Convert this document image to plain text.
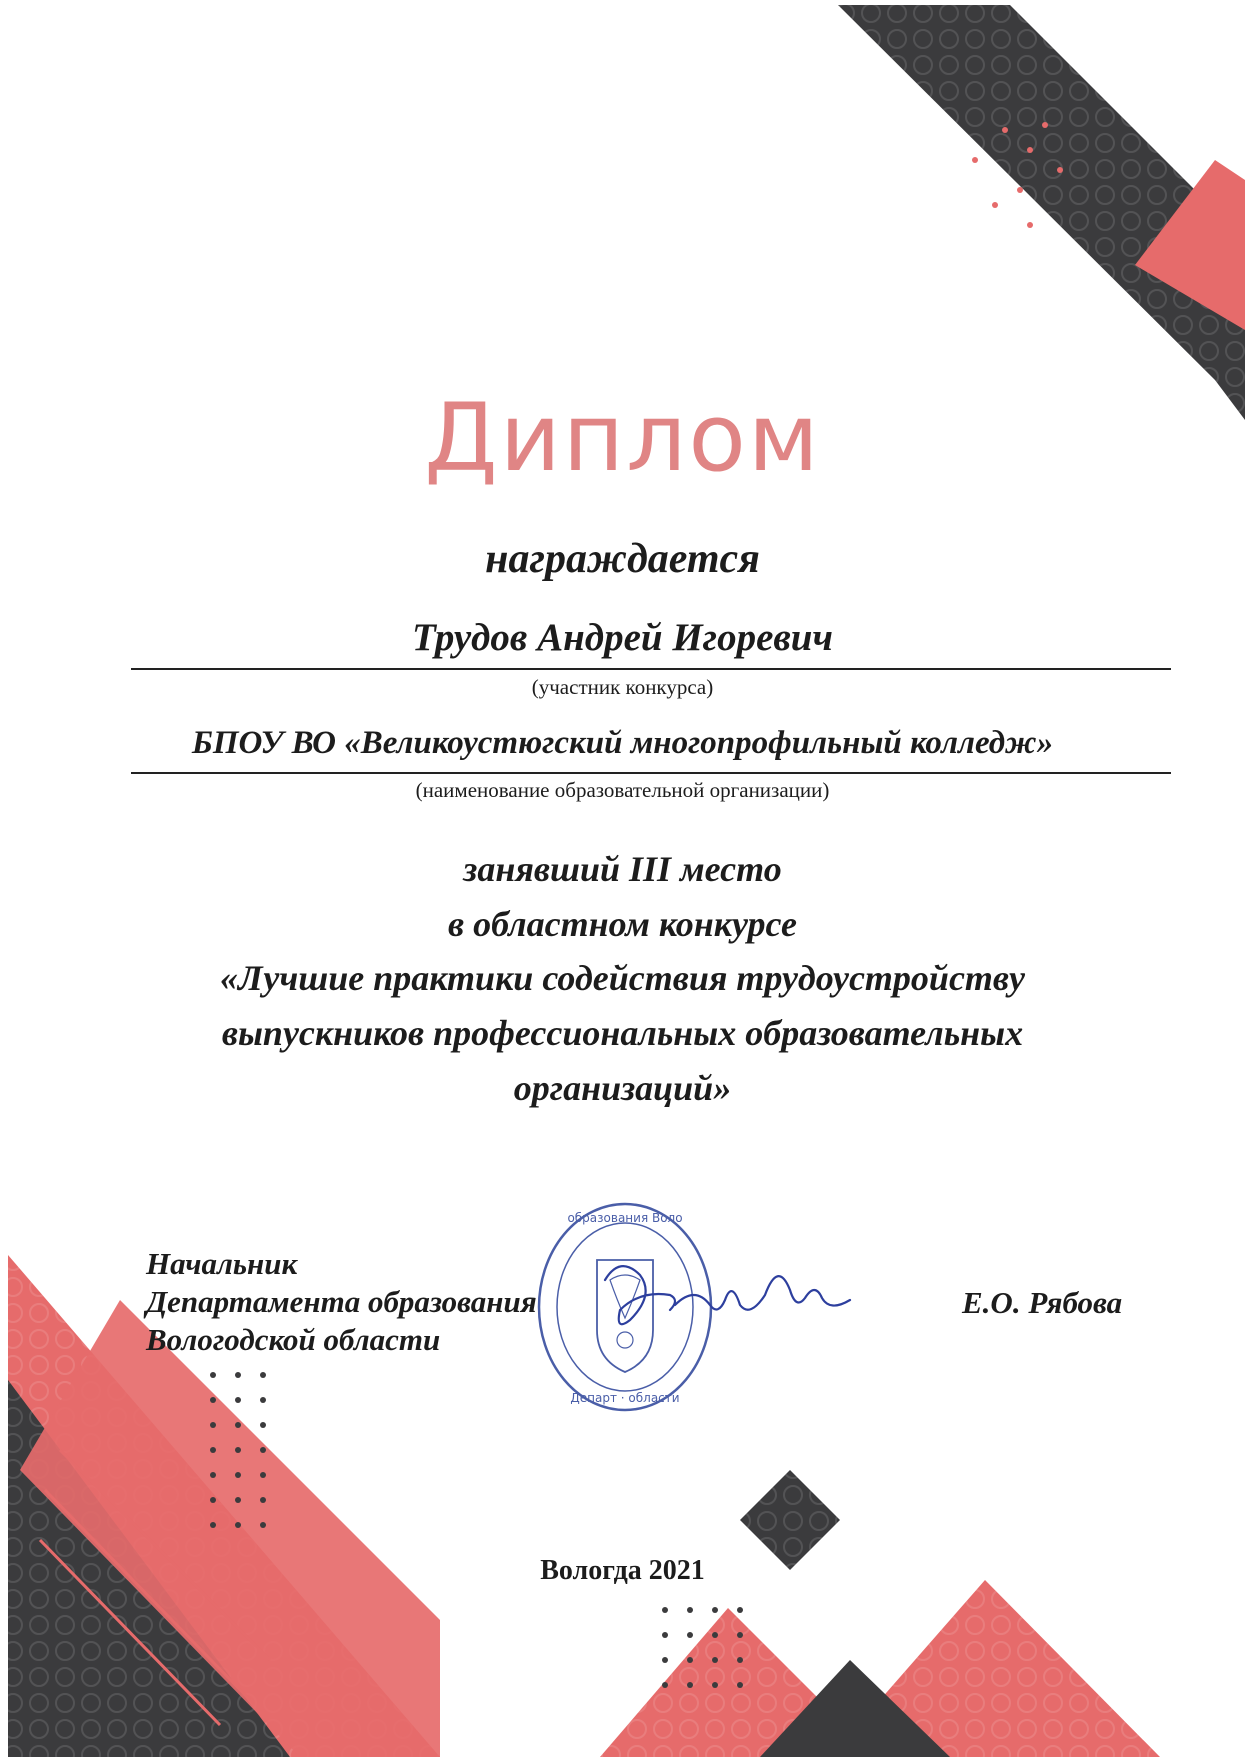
Диплом
награждается
Трудов Андрей Игоревич
(участник конкурса)
БПОУ ВО «Великоустюгский многопрофильный колледж»
(наименование образовательной организации)
занявший III место
в областном конкурсе
«Лучшие практики содействия трудоустройству
выпускников профессиональных образовательных
организаций»
Начальник
Департамента образования
Вологодской области
образования Воло
Департ · области
Е.О. Рябова
Вологда 2021
